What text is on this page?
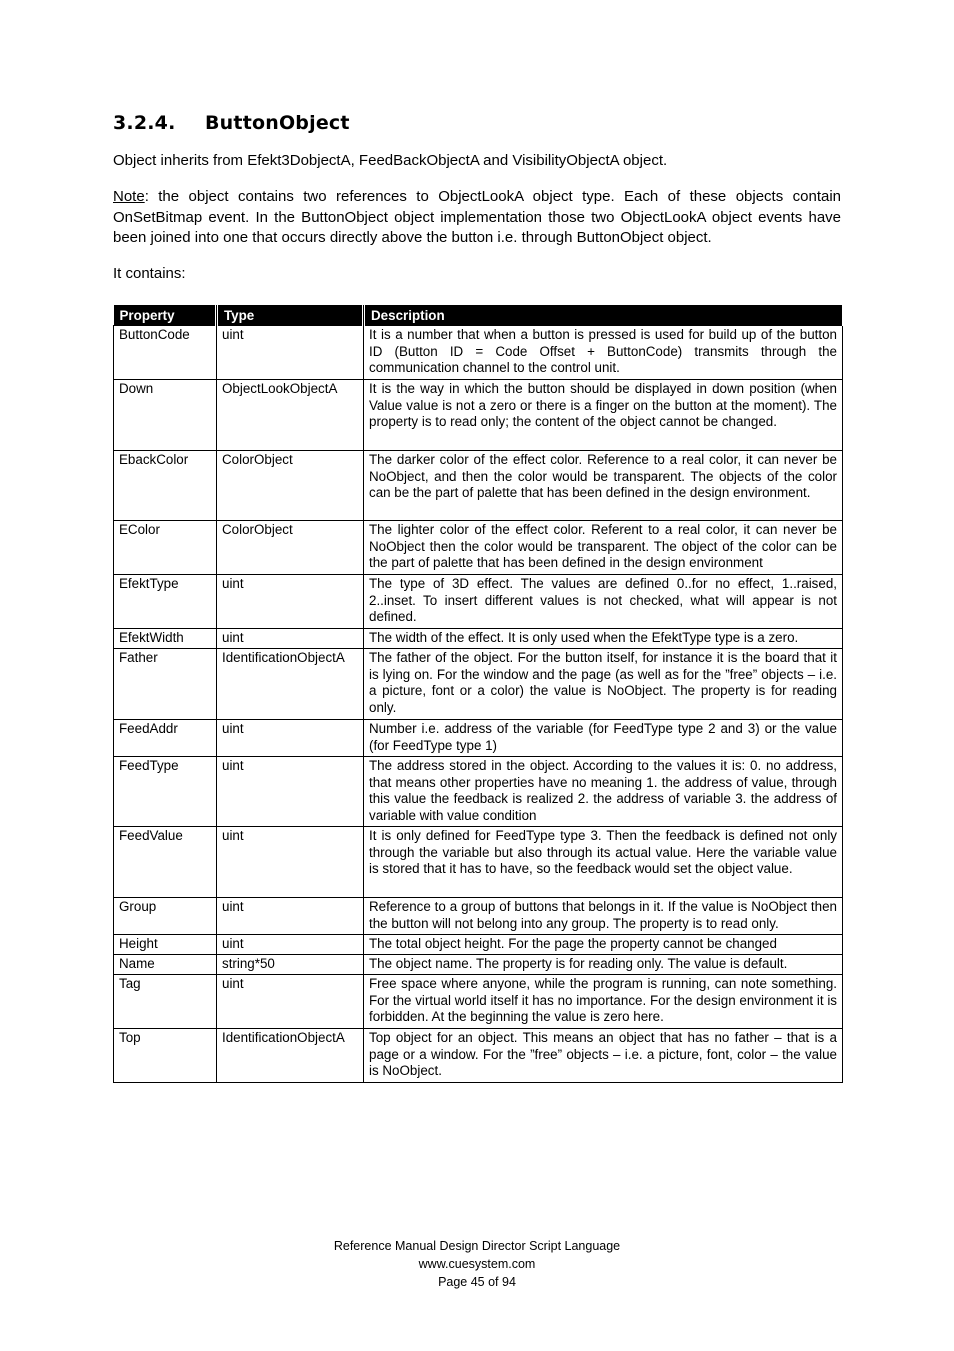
3.2.4. ButtonObject
Object inherits from Efekt3DobjectA, FeedBackObjectA and VisibilityObjectA object.
Note: the object contains two references to ObjectLookA object type. Each of these objects contain OnSetBitmap event. In the ButtonObject object implementation those two ObjectLookA object events have been joined into one that occurs directly above the button i.e. through ButtonObject object.
It contains:
Property	Type	Description
ButtonCode	uint	It is a number that when a button is pressed is used for build up of the button ID (Button ID = Code Offset + ButtonCode) transmits through the communication channel to the control unit.
Down	ObjectLookObjectA	It is the way in which the button should be displayed in down position (when Value value is not a zero or there is a finger on the button at the moment). The property is to read only; the content of the object cannot be changed.
EbackColor	ColorObject	The darker color of the effect color. Reference to a real color, it can never be NoObject, and then the color would be transparent. The objects of the color can be the part of palette that has been defined in the design environment.
EColor	ColorObject	The lighter color of the effect color. Referent to a real color, it can never be NoObject then the color would be transparent. The object of the color can be the part of palette that has been defined in the design environment
EfektType	uint	The type of 3D effect. The values are defined 0..for no effect, 1..raised, 2..inset. To insert different values is not checked, what will appear is not defined.
EfektWidth	uint	The width of the effect. It is only used when the EfektType type is a zero.
Father	IdentificationObjectA	The father of the object. For the button itself, for instance it is the board that it is lying on. For the window and the page (as well as for the ”free” objects – i.e. a picture, font or a color) the value is NoObject. The property is for reading only.
FeedAddr	uint	Number i.e. address of the variable (for FeedType type 2 and 3) or the value (for FeedType type 1)
FeedType	uint	The address stored in the object. According to the values it is: 0. no address, that means other properties have no meaning 1. the address of value, through this value the feedback is realized 2. the address of variable 3. the address of variable with value condition
FeedValue	uint	It is only defined for FeedType type 3. Then the feedback is defined not only through the variable but also through its actual value. Here the variable value is stored that it has to have, so the feedback would set the object value.
Group	uint	Reference to a group of buttons that belongs in it. If the value is NoObject then the button will not belong into any group. The property is to read only.
Height	uint	The total object height. For the page the property cannot be changed
Name	string*50	The object name. The property is for reading only. The value is default.
Tag	uint	Free space where anyone, while the program is running, can note something. For the virtual world itself it has no importance. For the design environment it is forbidden. At the beginning the value is zero here.
Top	IdentificationObjectA	Top object for an object. This means an object that has no father – that is a page or a window. For the ”free” objects – i.e. a picture, font, color – the value is NoObject.
Reference Manual Design Director Script Language
www.cuesystem.com
Page 45 of 94
